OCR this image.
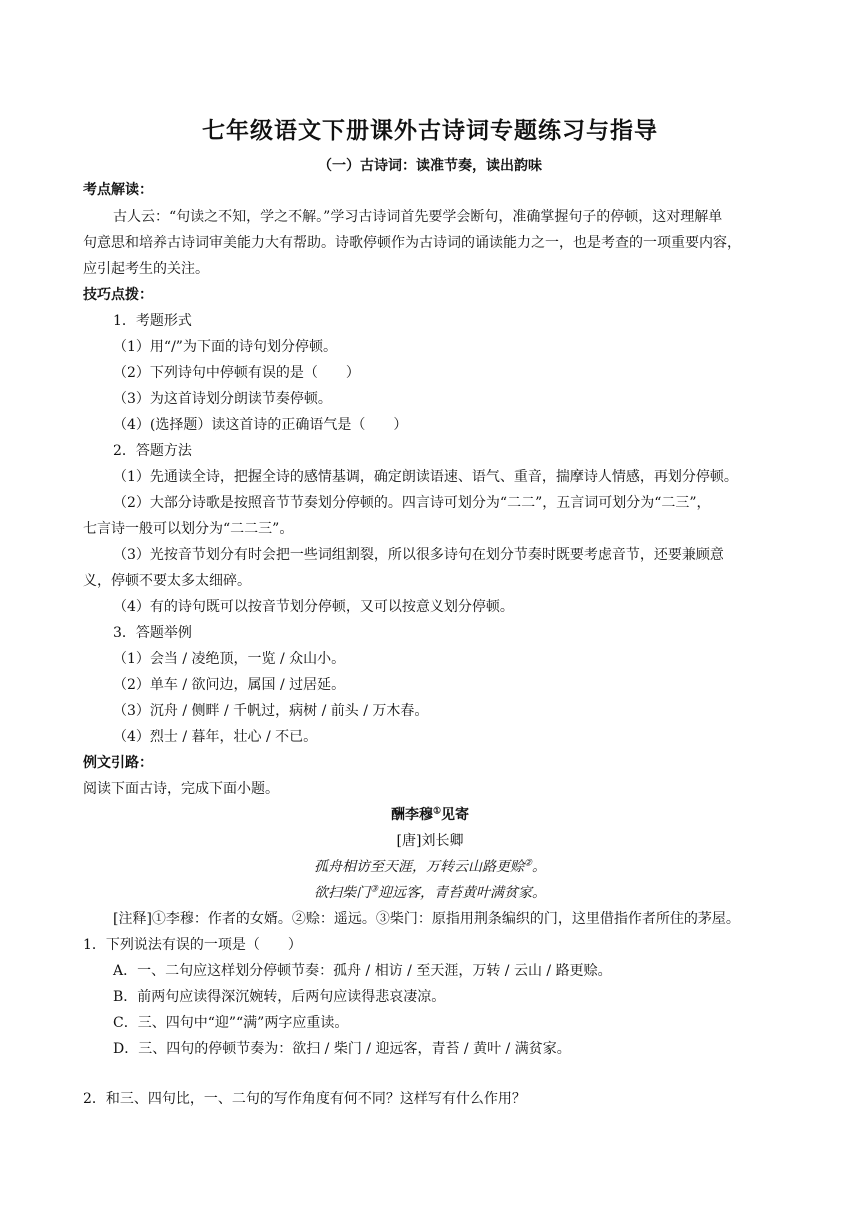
七年级语文下册课外古诗词专题练习与指导
（一）古诗词：读准节奏，读出韵味
考点解读：
古人云：“句读之不知，学之不解。”学习古诗词首先要学会断句，准确掌握句子的停顿，这对理解单
句意思和培养古诗词审美能力大有帮助。诗歌停顿作为古诗词的诵读能力之一，也是考查的一项重要内容，
应引起考生的关注。
技巧点拨：
1．考题形式
（1）用“/”为下面的诗句划分停顿。
（2）下列诗句中停顿有误的是（　　）
（3）为这首诗划分朗读节奏停顿。
（4）(选择题）读这首诗的正确语气是（　　）
2．答题方法
（1）先通读全诗，把握全诗的感情基调，确定朗读语速、语气、重音，揣摩诗人情感，再划分停顿。
（2）大部分诗歌是按照音节节奏划分停顿的。四言诗可划分为“二二”，五言词可划分为“二三”，
七言诗一般可以划分为“二二三”。
（3）光按音节划分有时会把一些词组割裂，所以很多诗句在划分节奏时既要考虑音节，还要兼顾意
义，停顿不要太多太细碎。
（4）有的诗句既可以按音节划分停顿，又可以按意义划分停顿。
3．答题举例
（1）会当 / 凌绝顶，一览 / 众山小。
（2）单车 / 欲问边，属国 / 过居延。
（3）沉舟 / 侧畔 / 千帆过，病树 / 前头 / 万木春。
（4）烈士 / 暮年，壮心 / 不已。
例文引路：
阅读下面古诗，完成下面小题。
酬李穆①见寄
[唐]刘长卿
孤舟相访至天涯，万转云山路更赊②。
欲扫柴门③迎远客，青苔黄叶满贫家。
[注释]①李穆：作者的女婿。②赊：遥远。③柴门：原指用荆条编织的门，这里借指作者所住的茅屋。
1．下列说法有误的一项是（　　）
A．一、二句应这样划分停顿节奏：孤舟 / 相访 / 至天涯，万转 / 云山 / 路更赊。
B．前两句应读得深沉婉转，后两句应读得悲哀凄凉。
C．三、四句中“迎”“满”两字应重读。
D．三、四句的停顿节奏为：欲扫 / 柴门 / 迎远客，青苔 / 黄叶 / 满贫家。
2．和三、四句比，一、二句的写作角度有何不同？这样写有什么作用？
